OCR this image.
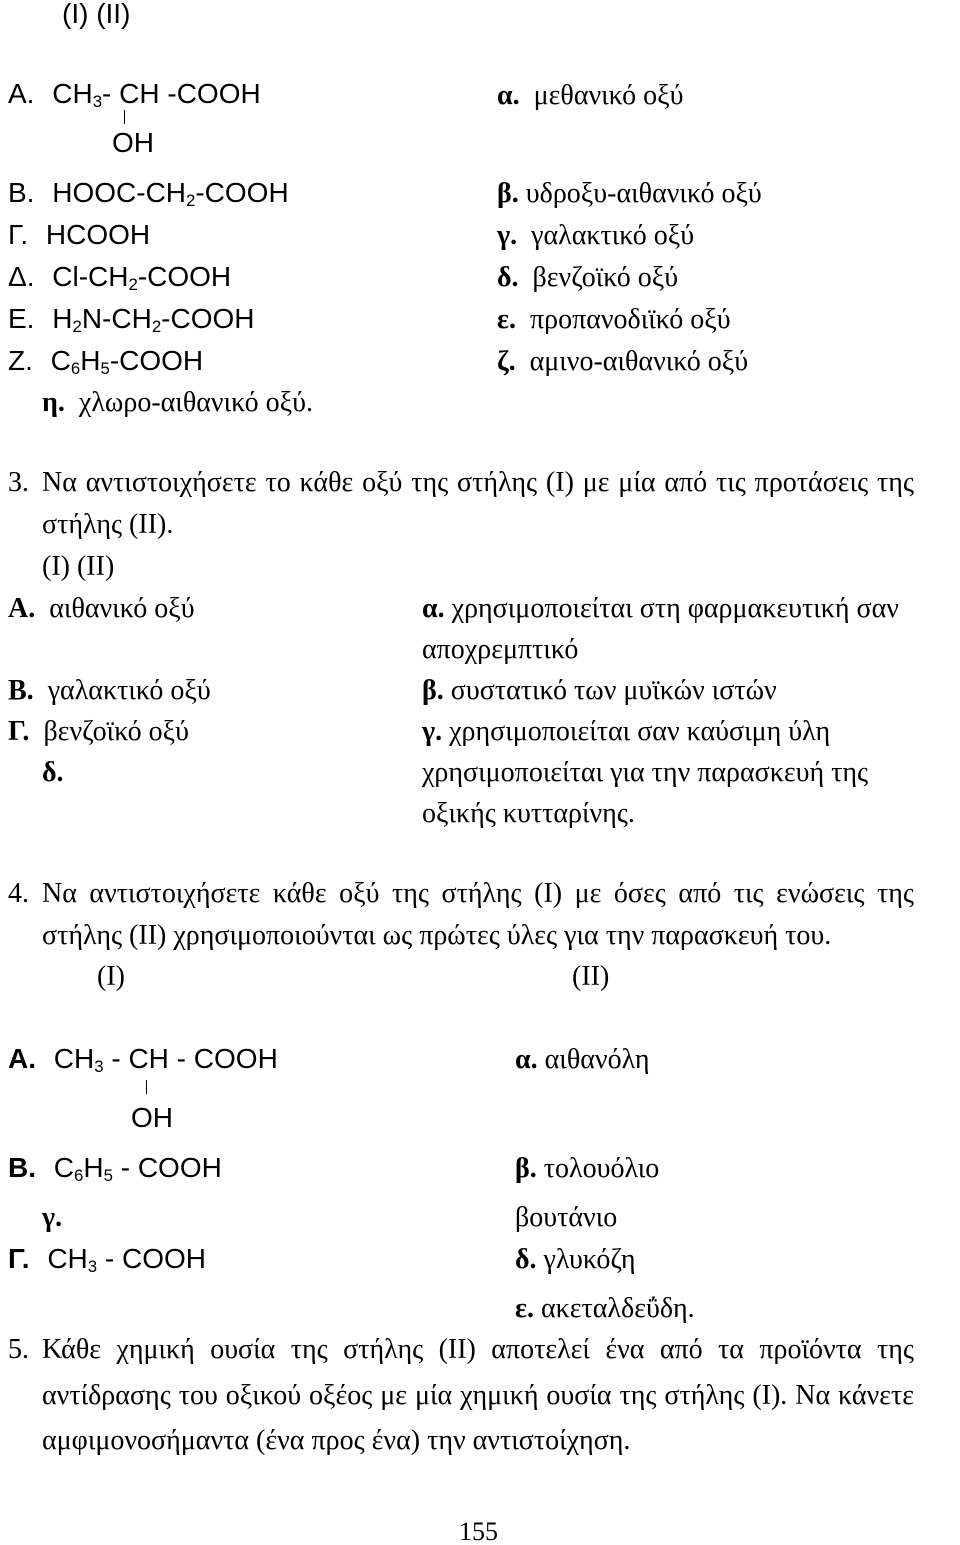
(I) (II)
Α. $CH_3-$ CH -COOH
OH
Β. HOOC-$CH_2$-COOH
Γ. HCOOH
Δ. $Cl-CH_2$-COOH
Ε. $H_2N-CH_2$-COOH
Ζ. $C_6H_5$-COOH
α. μεθανικό οξύ
β. υδροξυ-αιθανικό οξύ
γ. γαλακτικό οξύ
δ. βενζοϊκό οξύ
ε. προπανοδιϊκό οξύ
ζ. αμινο-αιθανικό οξύ
η. χλωρο-αιθανικό οξύ.
3. Να αντιστοιχήσετε το κάθε οξύ της στήλης (Ι) με μία από τις προτάσεις της
στήλης (ΙΙ).
(Ι) (ΙΙ)
Α. αιθανικό οξύ
Β. γαλακτικό οξύ
Γ. βενζοϊκό οξύ
δ.
α. χρησιμοποιείται στη φαρμακευτική σαν
αποχρεμπτικό
β. συστατικό των μυϊκών ιστών
γ. χρησιμοποιείται σαν καύσιμη ύλη
χρησιμοποιείται για την παρασκευή της
οξικής κυτταρίνης.
4. Να αντιστοιχήσετε κάθε οξύ της στήλης (Ι) με όσες από τις ενώσεις της
στήλης (ΙΙ) χρησιμοποιούνται ως πρώτες ύλες για την παρασκευή του.
(Ι)	(ΙΙ)
Α. $CH_3$ - CH - COOH
OH
Β. $C_6H_5$ - COOH
γ.
Γ. $CH_3$ - COOH
α. αιθανόλη
β. τολουόλιο
βουτάνιο
δ. γλυκόζη
ε. ακεταλδεΰδη.
5. Κάθε χημική ουσία της στήλης (ΙΙ) αποτελεί ένα από τα προϊόντα της
αντίδρασης του οξικού οξέος με μία χημική ουσία της στήλης (Ι). Να κάνετε
αμφιμονοσήμαντα (ένα προς ένα) την αντιστοίχηση.
155
